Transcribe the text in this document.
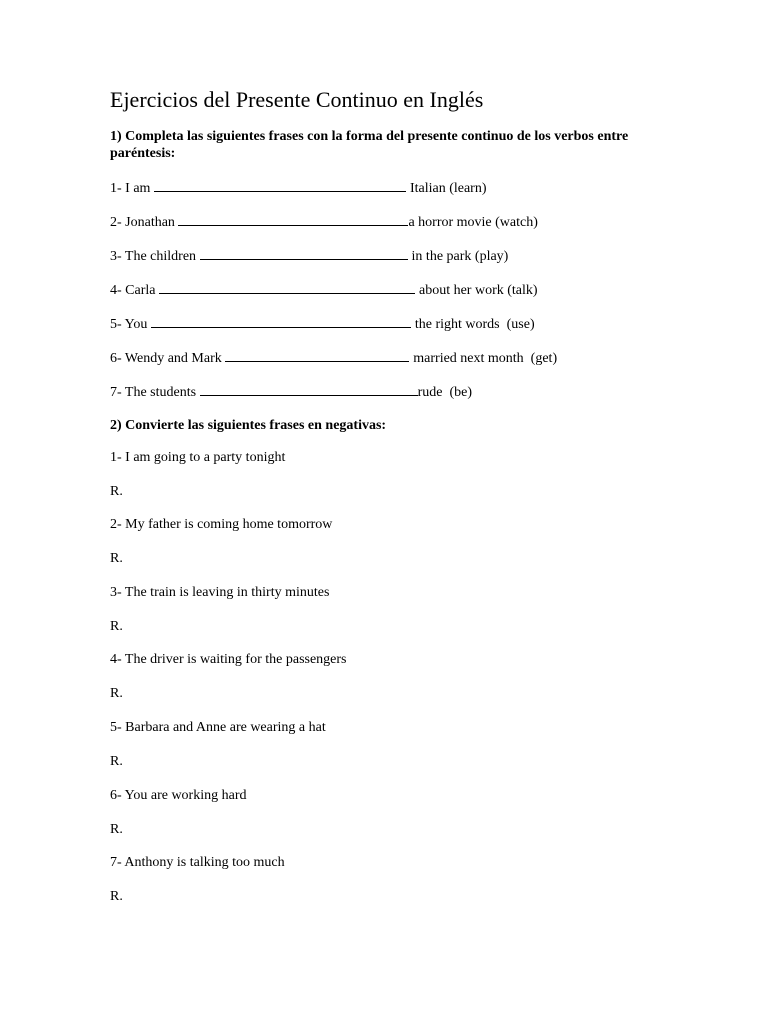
Ejercicios del Presente Continuo en Inglés
1) Completa las siguientes frases con la forma del presente continuo de los verbos entre paréntesis:
1- I am	Italian (learn)
2- Jonathan	a horror movie (watch)
3- The children	in the park (play)
4- Carla	about her work (talk)
5- You	the right words  (use)
6- Wendy and Mark	married next month  (get)
7- The students	rude  (be)
2) Convierte las siguientes frases en negativas:
1- I am going to a party tonight
R.
2- My father is coming home tomorrow
R.
3- The train is leaving in thirty minutes
R.
4- The driver is waiting for the passengers
R.
5- Barbara and Anne are wearing a hat
R.
6- You are working hard
R.
7- Anthony is talking too much
R.
